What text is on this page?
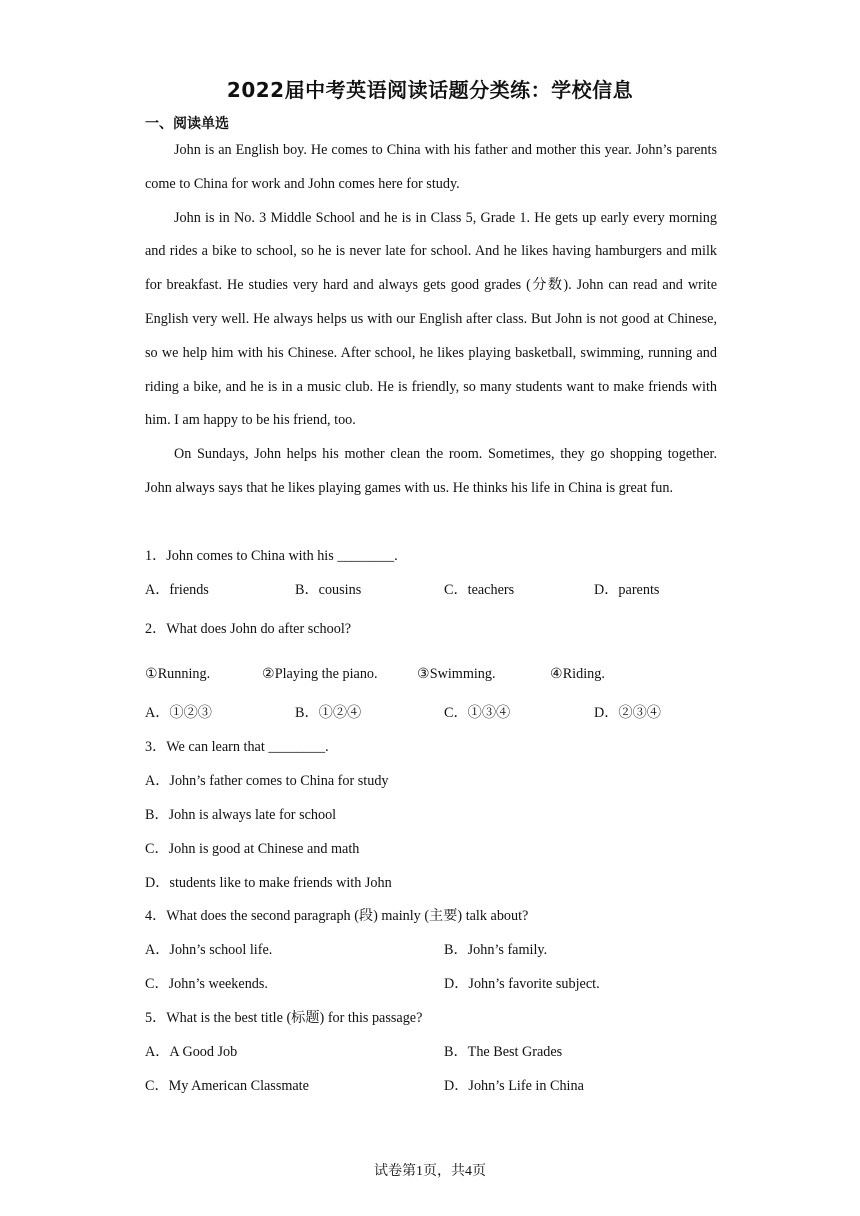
2022届中考英语阅读话题分类练：学校信息
一、阅读单选

John is an English boy. He comes to China with his father and mother this year. John’s parents come to China for work and John comes here for study.

John is in No. 3 Middle School and he is in Class 5, Grade 1. He gets up early every morning and rides a bike to school, so he is never late for school. And he likes having hamburgers and milk for breakfast. He studies very hard and always gets good grades (分数). John can read and write English very well. He always helps us with our English after class. But John is not good at Chinese, so we help him with his Chinese. After school, he likes playing basketball, swimming, running and riding a bike, and he is in a music club. He is friendly, so many students want to make friends with him. I am happy to be his friend, too.

On Sundays, John helps his mother clean the room. Sometimes, they go shopping together. John always says that he likes playing games with us. He thinks his life in China is great fun.

1．John comes to China with his ________.
A．friends	B．cousins	C．teachers	D．parents
2．What does John do after school?
①Running.	②Playing the piano.	③Swimming.	④Riding.
A．①②③	B．①②④	C．①③④	D．②③④
3．We can learn that ________.
A．John’s father comes to China for study
B．John is always late for school
C．John is good at Chinese and math
D．students like to make friends with John
4．What does the second paragraph (段) mainly (主要) talk about?
A．John’s school life.	B．John’s family.
C．John’s weekends.	D．John’s favorite subject.
5．What is the best title (标题) for this passage?
A．A Good Job	B．The Best Grades
C．My American Classmate	D．John’s Life in China
试卷第1页，共4页
